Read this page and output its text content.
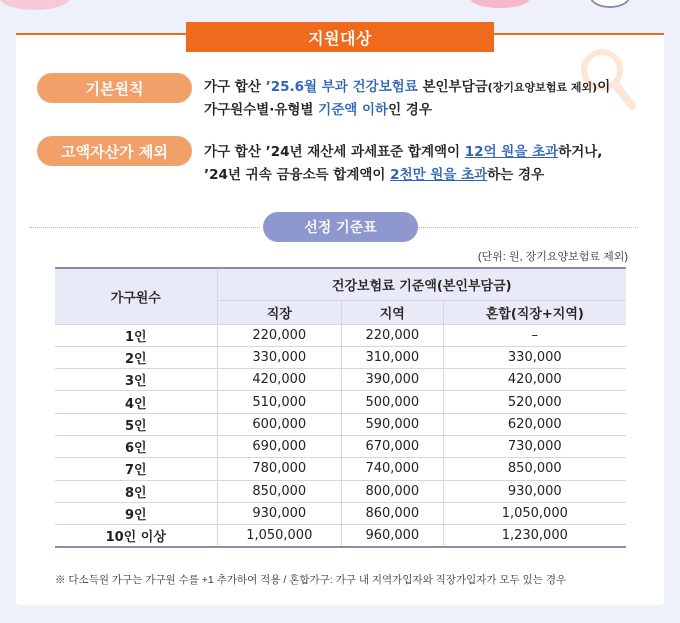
지원대상
기본원칙	가구 합산 ’25.6월 부과 건강보험료 본인부담금(장기요양보험료 제외)이
가구원수별·유형별 기준액 이하인 경우
고액자산가 제외	가구 합산 ’24년 재산세 과세표준 합계액이 12억 원을 초과하거나,
’24년 귀속 금융소득 합계액이 2천만 원을 초과하는 경우
선정 기준표
(단위: 원, 장기요양보험료 제외)
가구원수	건강보험료 기준액(본인부담금)		
	직장	지역	혼합(직장+지역)
1인	220,000	220,000	–
2인	330,000	310,000	330,000
3인	420,000	390,000	420,000
4인	510,000	500,000	520,000
5인	600,000	590,000	620,000
6인	690,000	670,000	730,000
7인	780,000	740,000	850,000
8인	850,000	800,000	930,000
9인	930,000	860,000	1,050,000
10인 이상	1,050,000	960,000	1,230,000
※ 다소득원 가구는 가구원 수를 +1 추가하여 적용 / 혼합가구: 가구 내 지역가입자와 직장가입자가 모두 있는 경우
